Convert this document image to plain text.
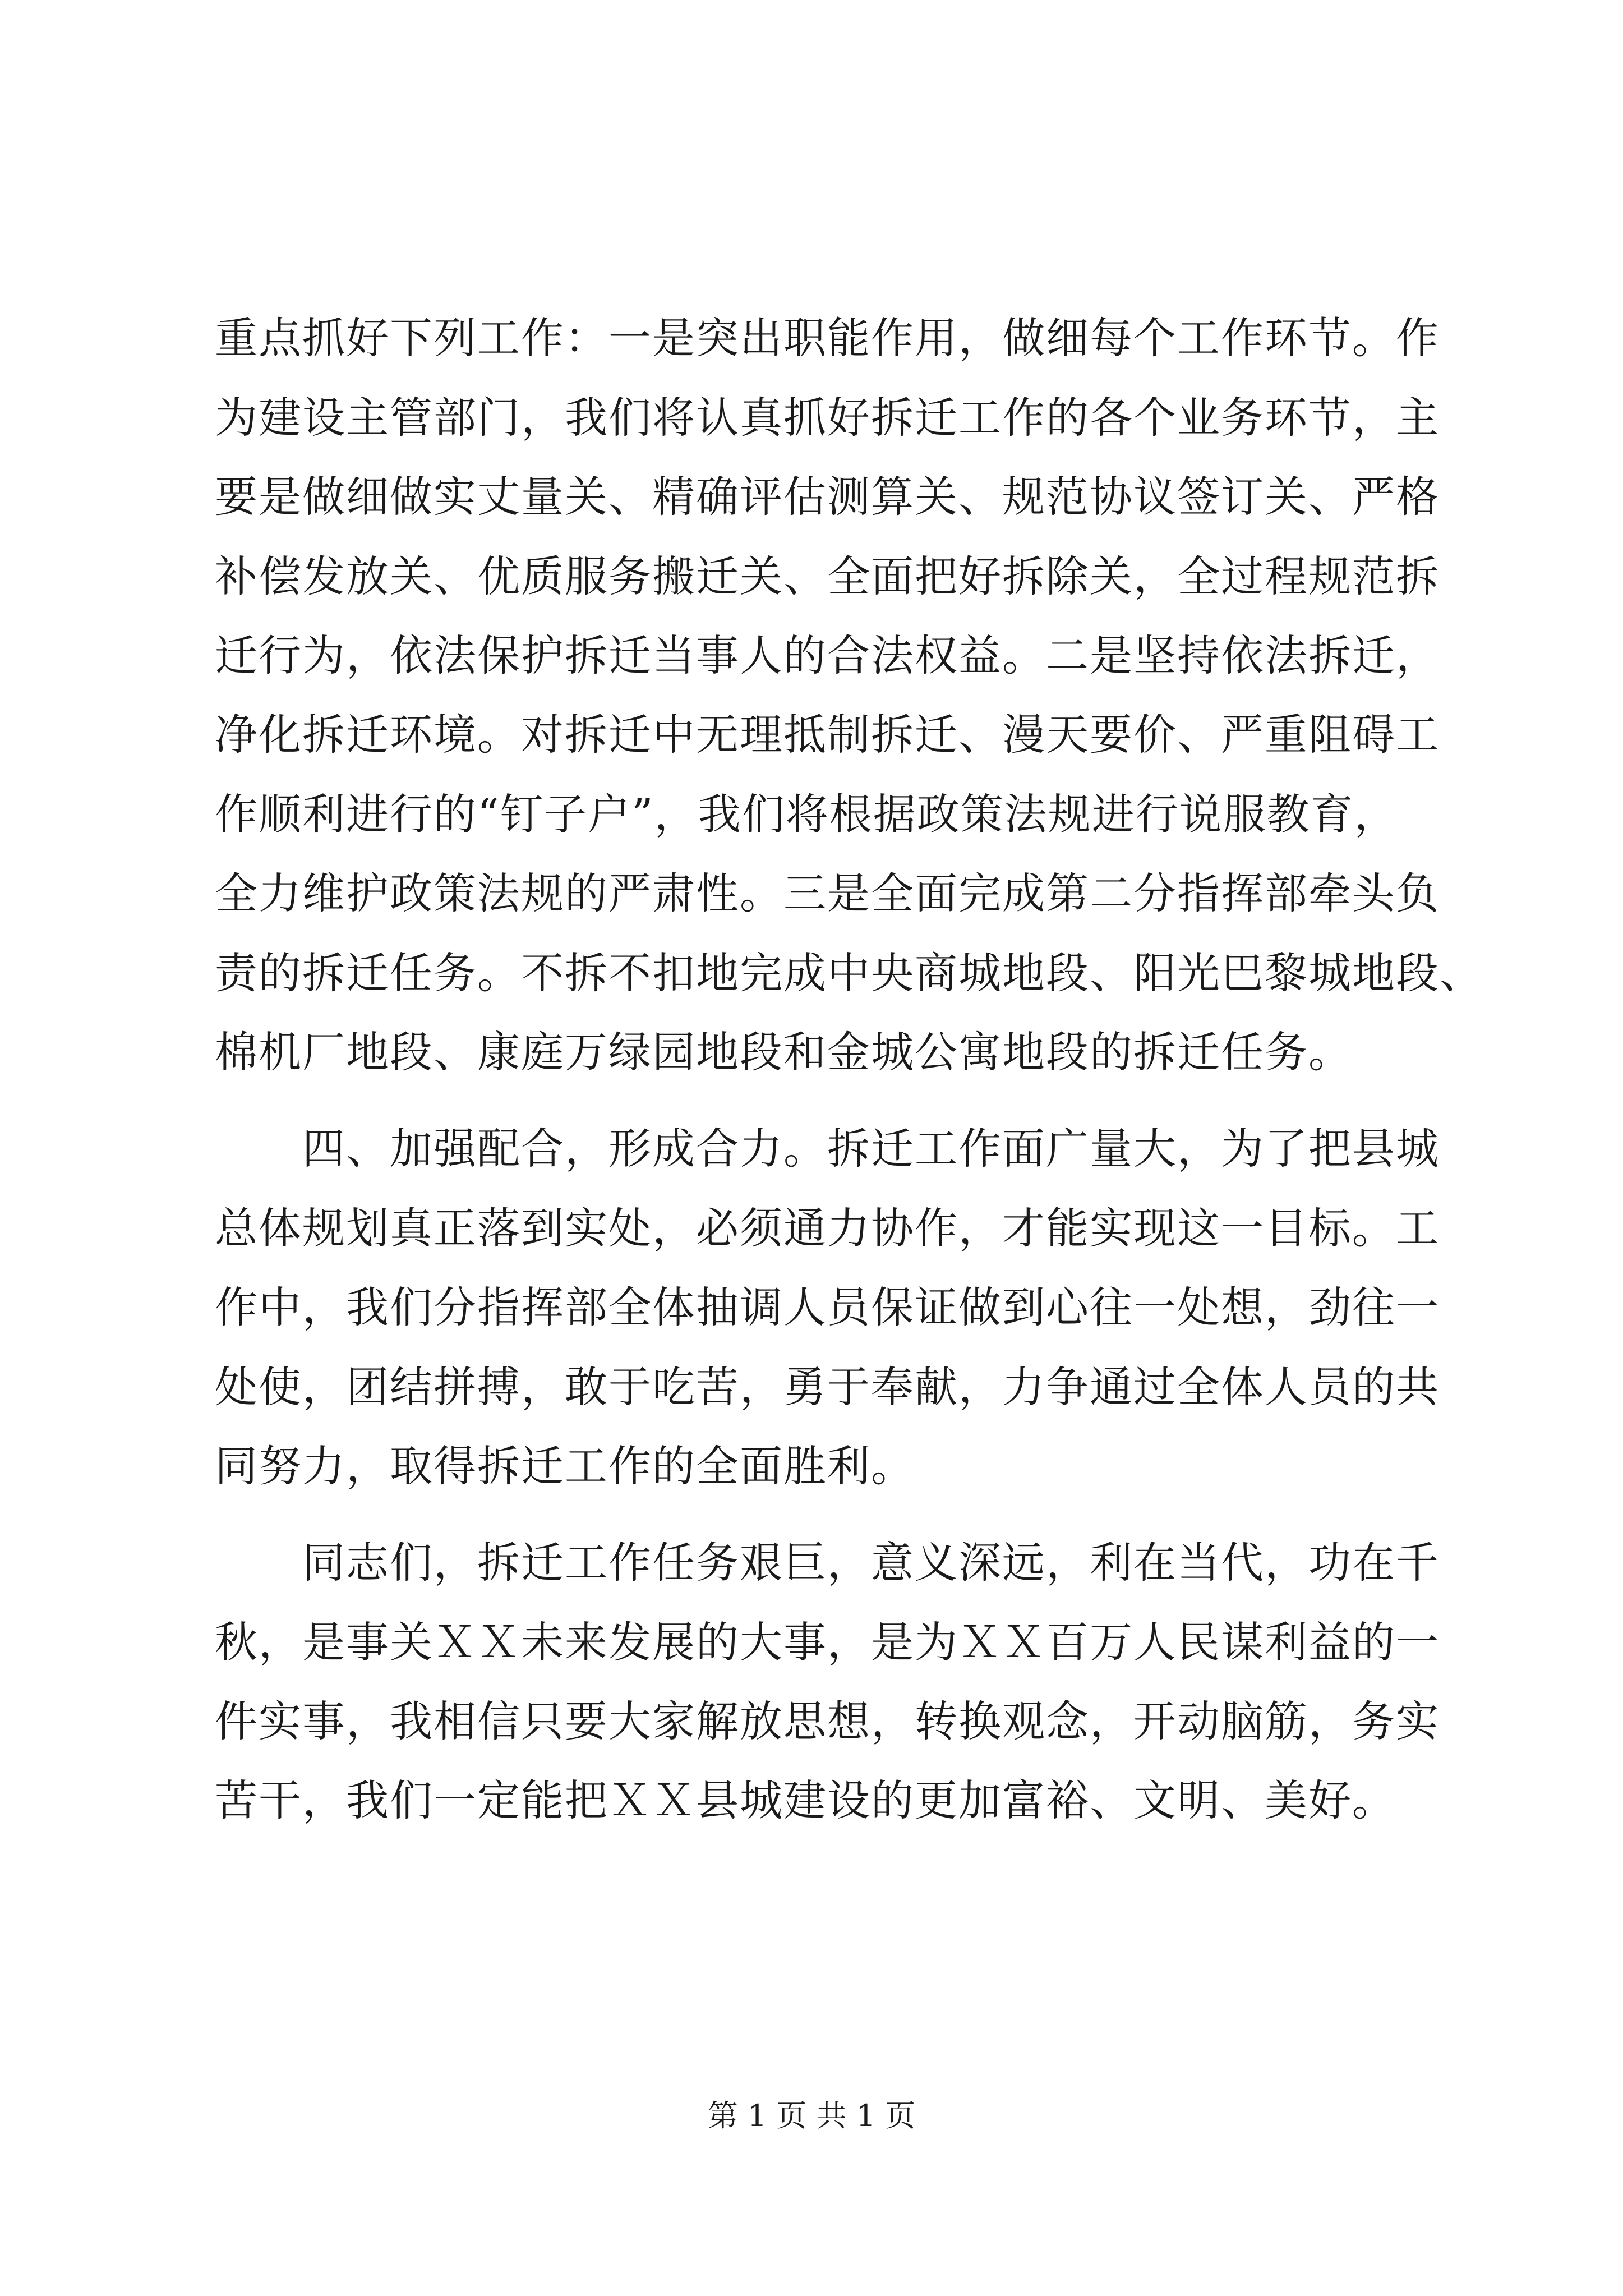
重点抓好下列工作：一是突出职能作用，做细每个工作环节。作
为建设主管部门，我们将认真抓好拆迁工作的各个业务环节，主
要是做细做实丈量关、精确评估测算关、规范协议签订关、严格
补偿发放关、优质服务搬迁关、全面把好拆除关，全过程规范拆
迁行为，依法保护拆迁当事人的合法权益。二是坚持依法拆迁，
净化拆迁环境。对拆迁中无理抵制拆迁、漫天要价、严重阻碍工
作顺利进行的“钉子户”，我们将根据政策法规进行说服教育，
全力维护政策法规的严肃性。三是全面完成第二分指挥部牵头负
责的拆迁任务。不拆不扣地完成中央商城地段、阳光巴黎城地段、
棉机厂地段、康庭万绿园地段和金城公寓地段的拆迁任务。
　　四、加强配合，形成合力。拆迁工作面广量大，为了把县城
总体规划真正落到实处，必须通力协作，才能实现这一目标。工
作中，我们分指挥部全体抽调人员保证做到心往一处想，劲往一
处使，团结拼搏，敢于吃苦，勇于奉献，力争通过全体人员的共
同努力，取得拆迁工作的全面胜利。
　　同志们，拆迁工作任务艰巨，意义深远，利在当代，功在千
秋，是事关ＸＸ未来发展的大事，是为ＸＸ百万人民谋利益的一
件实事，我相信只要大家解放思想，转换观念，开动脑筋，务实
苦干，我们一定能把ＸＸ县城建设的更加富裕、文明、美好。
第 1 页 共 1 页
